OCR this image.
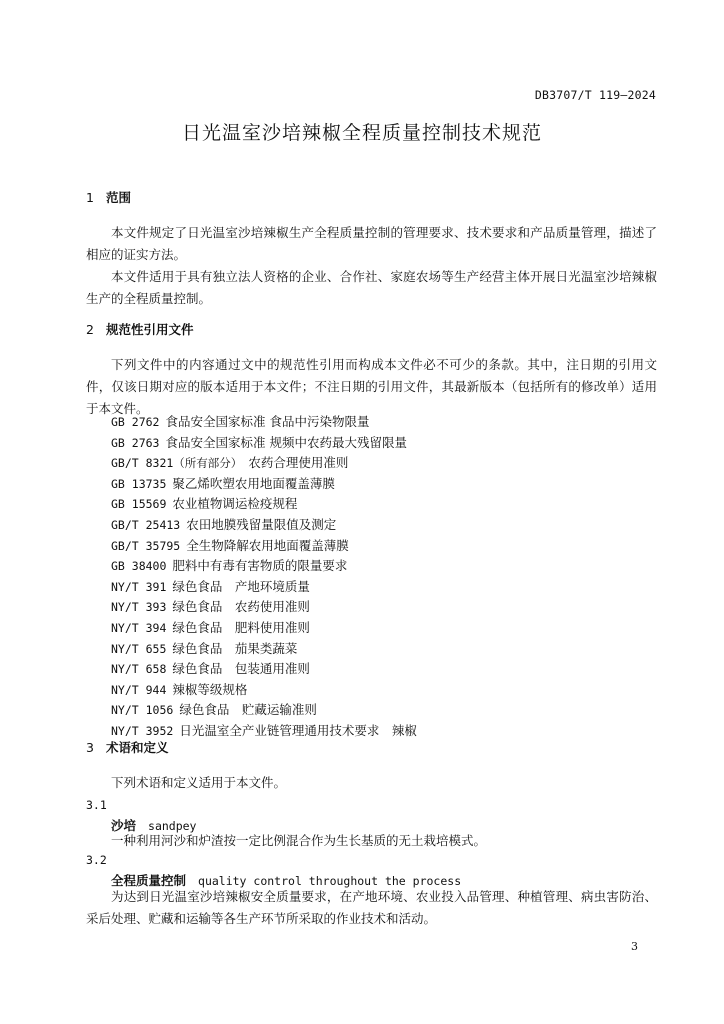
DB3707/T 119—2024
日光温室沙培辣椒全程质量控制技术规范
1 范围

本文件规定了日光温室沙培辣椒生产全程质量控制的管理要求、技术要求和产品质量管理，描述了相应的证实方法。

本文件适用于具有独立法人资格的企业、合作社、家庭农场等生产经营主体开展日光温室沙培辣椒生产的全程质量控制。

2 规范性引用文件

下列文件中的内容通过文中的规范性引用而构成本文件必不可少的条款。其中，注日期的引用文件，仅该日期对应的版本适用于本文件；不注日期的引用文件，其最新版本（包括所有的修改单）适用于本文件。

GB 2762 食品安全国家标准 食品中污染物限量
GB 2763 食品安全国家标准 规频中农药最大残留限量
GB/T 8321（所有部分） 农药合理使用准则
GB 13735 聚乙烯吹塑农用地面覆盖薄膜
GB 15569 农业植物调运检疫规程
GB/T 25413 农田地膜残留量限值及测定
GB/T 35795 全生物降解农用地面覆盖薄膜
GB 38400 肥料中有毒有害物质的限量要求
NY/T 391 绿色食品　产地环境质量
NY/T 393 绿色食品　农药使用准则
NY/T 394 绿色食品　肥料使用准则
NY/T 655 绿色食品　茄果类蔬菜
NY/T 658 绿色食品　包装通用准则
NY/T 944 辣椒等级规格
NY/T 1056 绿色食品　贮藏运输准则
NY/T 3952 日光温室全产业链管理通用技术要求　辣椒
3 术语和定义

下列术语和定义适用于本文件。

3.1
沙培 sandpey

一种利用河沙和炉渣按一定比例混合作为生长基质的无土栽培模式。

3.2
全程质量控制 quality control throughout the process

为达到日光温室沙培辣椒安全质量要求，在产地环境、农业投入品管理、种植管理、病虫害防治、采后处理、贮藏和运输等各生产环节所采取的作业技术和活动。

3
